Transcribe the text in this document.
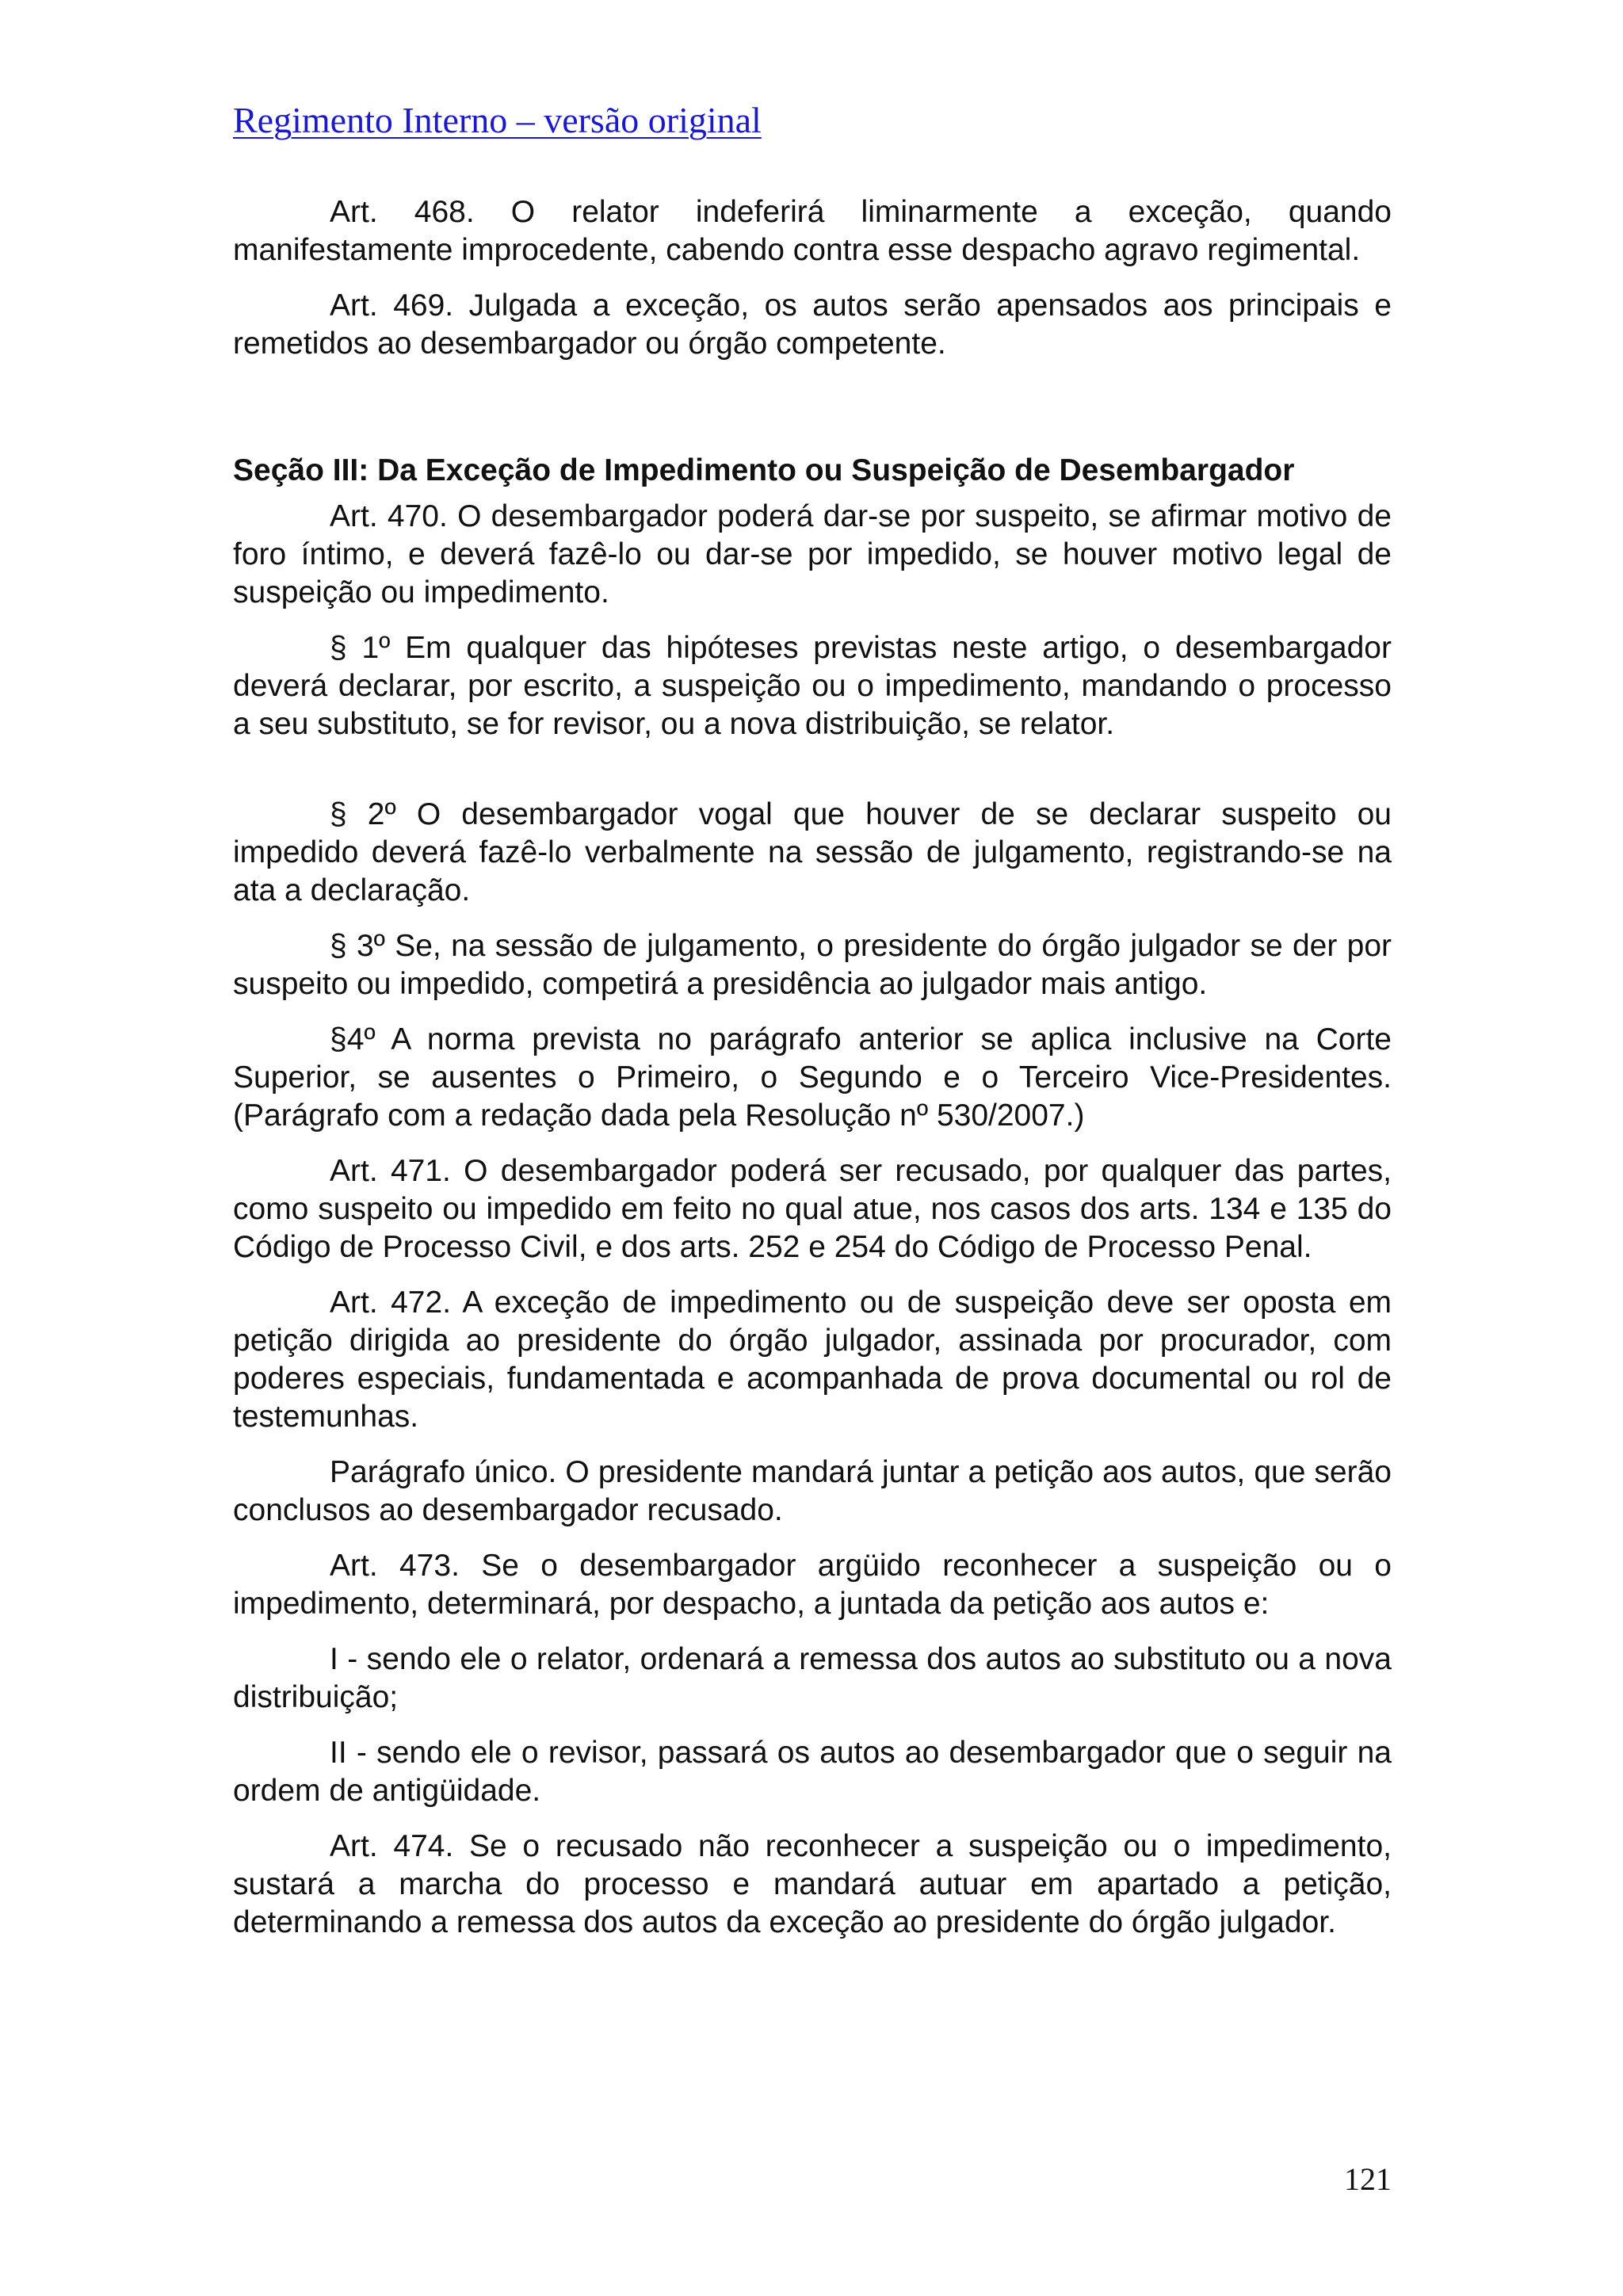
Regimento Interno – versão original

Art. 468. O relator indeferirá liminarmente a exceção, quando manifestamente improcedente, cabendo contra esse despacho agravo regimental.

Art. 469. Julgada a exceção, os autos serão apensados aos principais e remetidos ao desembargador ou órgão competente.

Seção III: Da Exceção de Impedimento ou Suspeição de Desembargador

Art. 470. O desembargador poderá dar-se por suspeito, se afirmar motivo de foro íntimo, e deverá fazê-lo ou dar-se por impedido, se houver motivo legal de suspeição ou impedimento.

§ 1º Em qualquer das hipóteses previstas neste artigo, o desembargador deverá declarar, por escrito, a suspeição ou o impedimento, mandando o processo a seu substituto, se for revisor, ou a nova distribuição, se relator.

§ 2º O desembargador vogal que houver de se declarar suspeito ou impedido deverá fazê-lo verbalmente na sessão de julgamento, registrando-se na ata a declaração.

§ 3º Se, na sessão de julgamento, o presidente do órgão julgador se der por suspeito ou impedido, competirá a presidência ao julgador mais antigo.

§4º A norma prevista no parágrafo anterior se aplica inclusive na Corte Superior, se ausentes o Primeiro, o Segundo e o Terceiro Vice-Presidentes. (Parágrafo com a redação dada pela Resolução nº 530/2007.)

Art. 471. O desembargador poderá ser recusado, por qualquer das partes, como suspeito ou impedido em feito no qual atue, nos casos dos arts. 134 e 135 do Código de Processo Civil, e dos arts. 252 e 254 do Código de Processo Penal.

Art. 472. A exceção de impedimento ou de suspeição deve ser oposta em petição dirigida ao presidente do órgão julgador, assinada por procurador, com poderes especiais, fundamentada e acompanhada de prova documental ou rol de testemunhas.

Parágrafo único. O presidente mandará juntar a petição aos autos, que serão conclusos ao desembargador recusado.

Art. 473. Se o desembargador argüido reconhecer a suspeição ou o impedimento, determinará, por despacho, a juntada da petição aos autos e:

I - sendo ele o relator, ordenará a remessa dos autos ao substituto ou a nova distribuição;

II - sendo ele o revisor, passará os autos ao desembargador que o seguir na ordem de antigüidade.

Art. 474. Se o recusado não reconhecer a suspeição ou o impedimento, sustará a marcha do processo e mandará autuar em apartado a petição, determinando a remessa dos autos da exceção ao presidente do órgão julgador.

121
